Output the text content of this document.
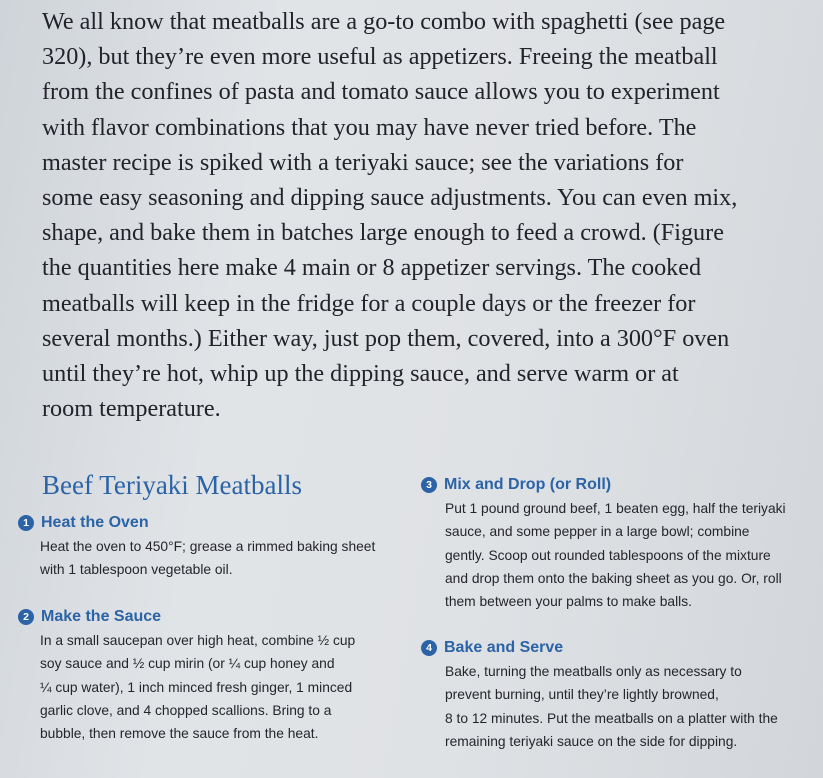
We all know that meatballs are a go-to combo with spaghetti (see page
320), but they’re even more useful as appetizers. Freeing the meatball
from the confines of pasta and tomato sauce allows you to experiment
with flavor combinations that you may have never tried before. The
master recipe is spiked with a teriyaki sauce; see the variations for
some easy seasoning and dipping sauce adjustments. You can even mix,
shape, and bake them in batches large enough to feed a crowd. (Figure
the quantities here make 4 main or 8 appetizer servings. The cooked
meatballs will keep in the fridge for a couple days or the freezer for
several months.) Either way, just pop them, covered, into a 300°F oven
until they’re hot, whip up the dipping sauce, and serve warm or at
room temperature.

Beef Teriyaki Meatballs
1 Heat the Oven

Heat the oven to 450°F; grease a rimmed baking sheet
with 1 tablespoon vegetable oil.

2 Make the Sauce

In a small saucepan over high heat, combine ½ cup
soy sauce and ½ cup mirin (or ¼ cup honey and
¼ cup water), 1 inch minced fresh ginger, 1 minced
garlic clove, and 4 chopped scallions. Bring to a
bubble, then remove the sauce from the heat.

3 Mix and Drop (or Roll)

Put 1 pound ground beef, 1 beaten egg, half the teriyaki
sauce, and some pepper in a large bowl; combine
gently. Scoop out rounded tablespoons of the mixture
and drop them onto the baking sheet as you go. Or, roll
them between your palms to make balls.

4 Bake and Serve

Bake, turning the meatballs only as necessary to
prevent burning, until they’re lightly browned,
8 to 12 minutes. Put the meatballs on a platter with the
remaining teriyaki sauce on the side for dipping.
